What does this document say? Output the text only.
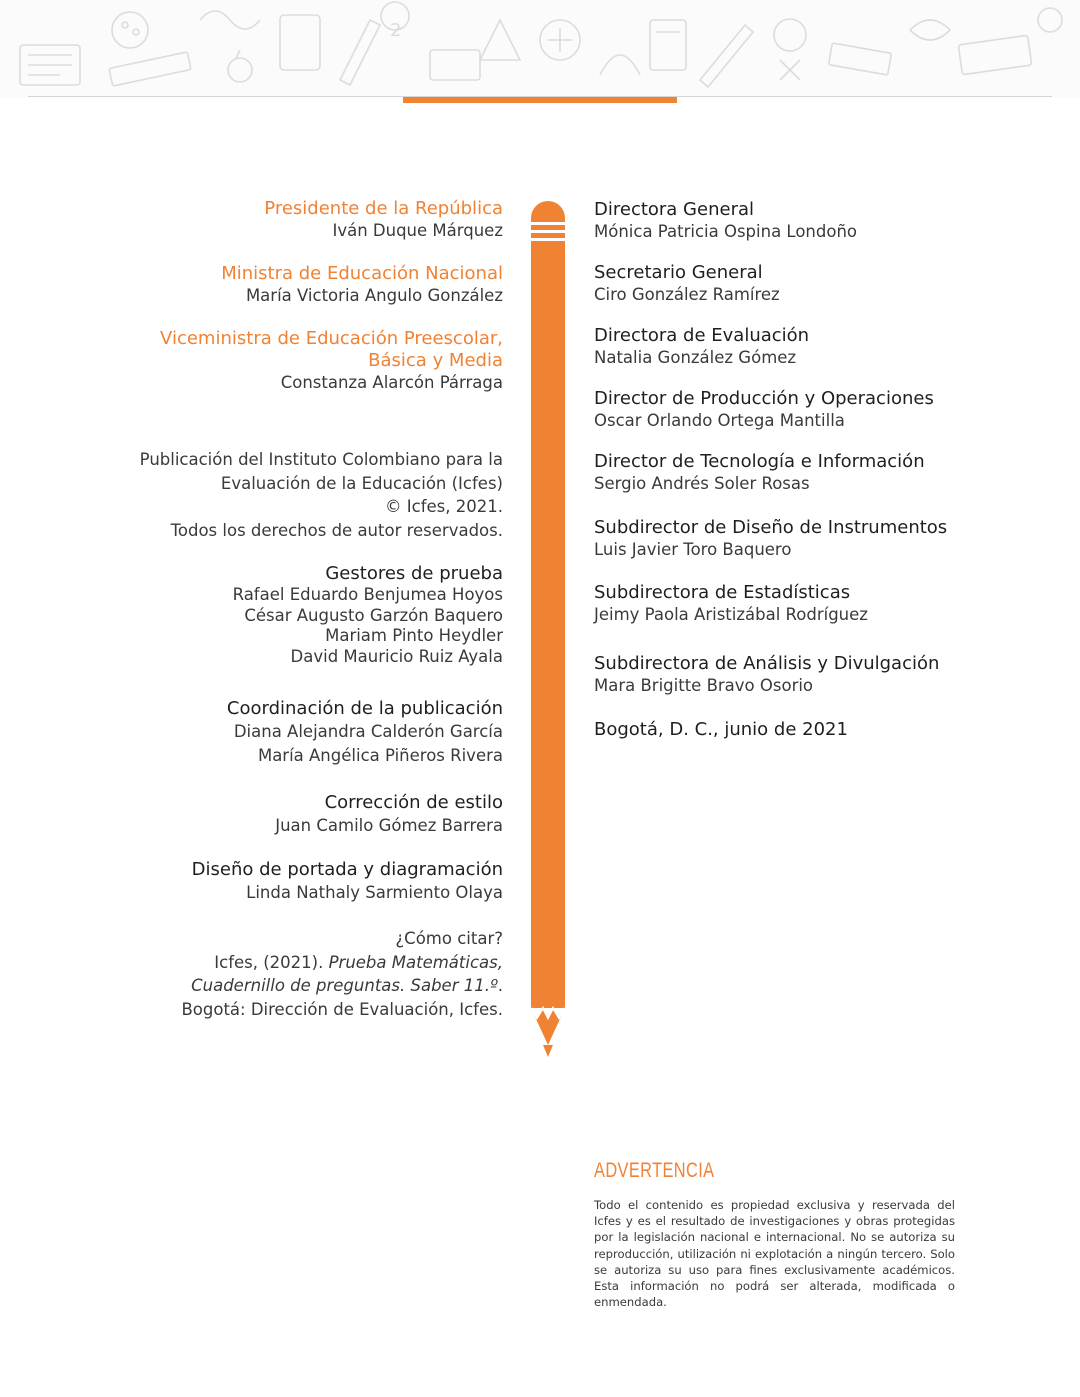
2
Presidente de la República
Iván Duque Márquez
Ministra de Educación Nacional
María Victoria Angulo González
Viceministra de Educación Preescolar,
Básica y Media
Constanza Alarcón Párraga
Publicación del Instituto Colombiano para la
Evaluación de la Educación (Icfes)
© Icfes, 2021.
Todos los derechos de autor reservados.
Gestores de prueba
Rafael Eduardo Benjumea Hoyos
César Augusto Garzón Baquero
Mariam Pinto Heydler
David Mauricio Ruiz Ayala
Coordinación de la publicación
Diana Alejandra Calderón García
María Angélica Piñeros Rivera
Corrección de estilo
Juan Camilo Gómez Barrera
Diseño de portada y diagramación
Linda Nathaly Sarmiento Olaya
¿Cómo citar?
Icfes, (2021). Prueba Matemáticas,
Cuadernillo de preguntas. Saber 11.º.
Bogotá: Dirección de Evaluación, Icfes.
Directora General
Mónica Patricia Ospina Londoño
Secretario General
Ciro González Ramírez
Directora de Evaluación
Natalia González Gómez
Director de Producción y Operaciones
Oscar Orlando Ortega Mantilla
Director de Tecnología e Información
Sergio Andrés Soler Rosas
Subdirector de Diseño de Instrumentos
Luis Javier Toro Baquero
Subdirectora de Estadísticas
Jeimy Paola Aristizábal Rodríguez
Subdirectora de Análisis y Divulgación
Mara Brigitte Bravo Osorio
Bogotá, D. C., junio de 2021
ADVERTENCIA
Todo el contenido es propiedad exclusiva y reservada del Icfes y es el resultado de investigaciones y obras protegidas por la legislación nacional e internacional. No se autoriza su reproducción, utilización ni explotación a ningún tercero. Solo se autoriza su uso para fines exclusivamente académicos. Esta información no podrá ser alterada, modificada o enmendada.
